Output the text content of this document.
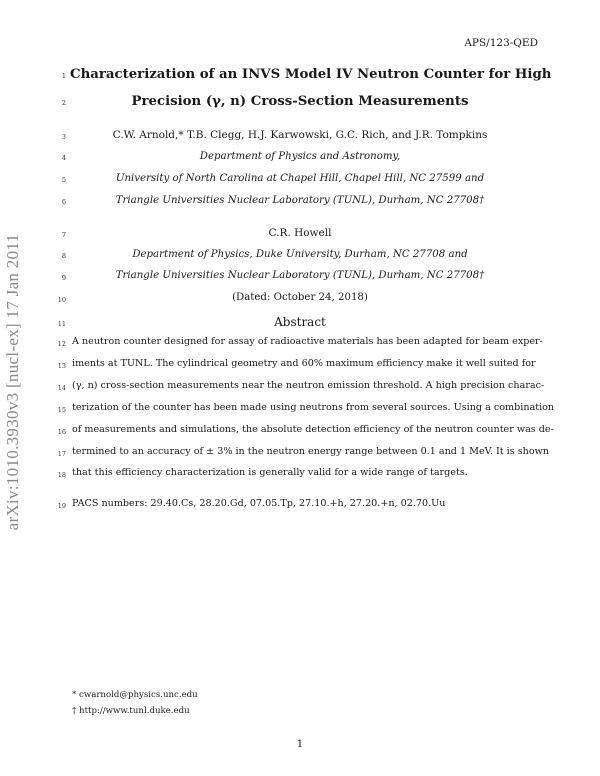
APS/123-QED
arXiv:1010.3930v3 [nucl-ex] 17 Jan 2011
1
2
3
4
5
6
7
8
9
10
11
12
13
14
15
16
17
18
19
Characterization of an INVS Model IV Neutron Counter for High
Precision (γ, n) Cross-Section Measurements
C.W. Arnold,* T.B. Clegg, H.J. Karwowski, G.C. Rich, and J.R. Tompkins
Department of Physics and Astronomy,
University of North Carolina at Chapel Hill, Chapel Hill, NC 27599 and
Triangle Universities Nuclear Laboratory (TUNL), Durham, NC 27708†
C.R. Howell
Department of Physics, Duke University, Durham, NC 27708 and
Triangle Universities Nuclear Laboratory (TUNL), Durham, NC 27708†
(Dated: October 24, 2018)
Abstract
A neutron counter designed for assay of radioactive materials has been adapted for beam exper-
iments at TUNL. The cylindrical geometry and 60% maximum efficiency make it well suited for
(γ, n) cross-section measurements near the neutron emission threshold. A high precision charac-
terization of the counter has been made using neutrons from several sources. Using a combination
of measurements and simulations, the absolute detection efficiency of the neutron counter was de-
termined to an accuracy of ± 3% in the neutron energy range between 0.1 and 1 MeV. It is shown
that this efficiency characterization is generally valid for a wide range of targets.
PACS numbers: 29.40.Cs, 28.20.Gd, 07.05.Tp, 27.10.+h, 27.20.+n, 02.70.Uu
* cwarnold@physics.unc.edu
† http://www.tunl.duke.edu
1
